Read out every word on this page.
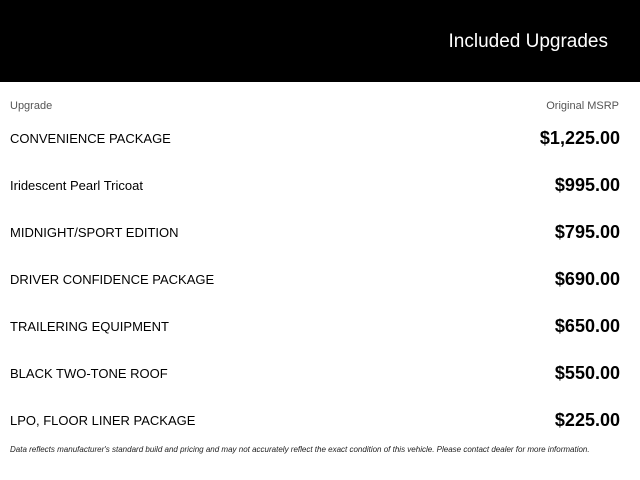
Included Upgrades
Upgrade	Original MSRP
CONVENIENCE PACKAGE	$1,225.00
Iridescent Pearl Tricoat	$995.00
MIDNIGHT/SPORT EDITION	$795.00
DRIVER CONFIDENCE PACKAGE	$690.00
TRAILERING EQUIPMENT	$650.00
BLACK TWO-TONE ROOF	$550.00
LPO, FLOOR LINER PACKAGE	$225.00
Data reflects manufacturer's standard build and pricing and may not accurately reflect the exact condition of this vehicle. Please contact dealer for more information.
